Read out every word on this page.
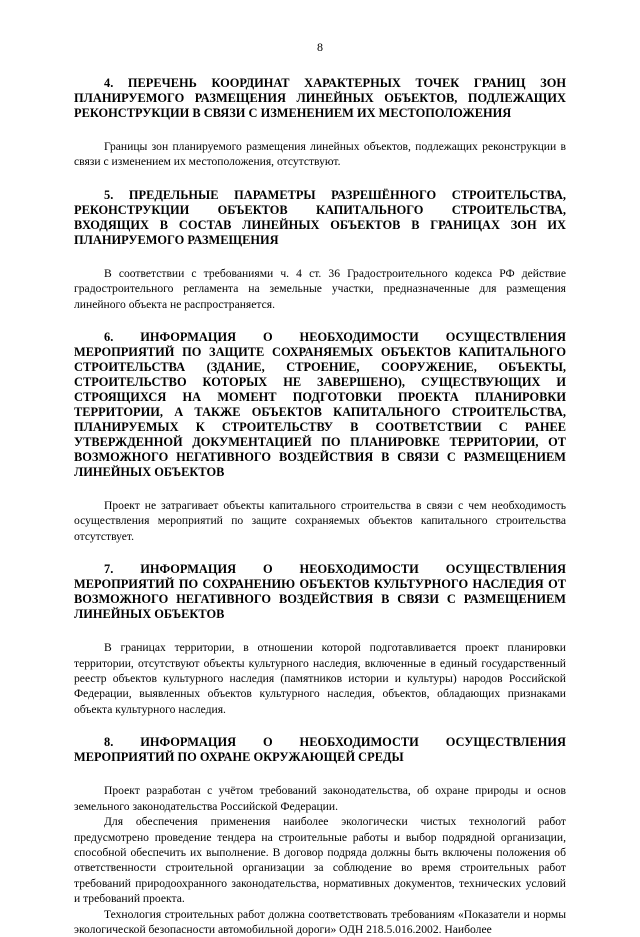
8

4. ПЕРЕЧЕНЬ КООРДИНАТ ХАРАКТЕРНЫХ ТОЧЕК ГРАНИЦ ЗОН ПЛАНИРУЕМОГО РАЗМЕЩЕНИЯ ЛИНЕЙНЫХ ОБЪЕКТОВ, ПОДЛЕЖАЩИХ РЕКОНСТРУКЦИИ В СВЯЗИ С ИЗМЕНЕНИЕМ ИХ МЕСТОПОЛОЖЕНИЯ

Границы зон планируемого размещения линейных объектов, подлежащих реконструкции в связи с изменением их местоположения, отсутствуют.

5. ПРЕДЕЛЬНЫЕ ПАРАМЕТРЫ РАЗРЕШЁННОГО СТРОИТЕЛЬСТВА, РЕКОНСТРУКЦИИ ОБЪЕКТОВ КАПИТАЛЬНОГО СТРОИТЕЛЬСТВА, ВХОДЯЩИХ В СОСТАВ ЛИНЕЙНЫХ ОБЪЕКТОВ В ГРАНИЦАХ ЗОН ИХ ПЛАНИРУЕМОГО РАЗМЕЩЕНИЯ

В соответствии с требованиями ч. 4 ст. 36 Градостроительного кодекса РФ действие градостроительного регламента на земельные участки, предназначенные для размещения линейного объекта не распространяется.

6. ИНФОРМАЦИЯ О НЕОБХОДИМОСТИ ОСУЩЕСТВЛЕНИЯ МЕРОПРИЯТИЙ ПО ЗАЩИТЕ СОХРАНЯЕМЫХ ОБЪЕКТОВ КАПИТАЛЬНОГО СТРОИТЕЛЬСТВА (ЗДАНИЕ, СТРОЕНИЕ, СООРУЖЕНИЕ, ОБЪЕКТЫ, СТРОИТЕЛЬСТВО КОТОРЫХ НЕ ЗАВЕРШЕНО), СУЩЕСТВУЮЩИХ И СТРОЯЩИХСЯ НА МОМЕНТ ПОДГОТОВКИ ПРОЕКТА ПЛАНИРОВКИ ТЕРРИТОРИИ, А ТАКЖЕ ОБЪЕКТОВ КАПИТАЛЬНОГО СТРОИТЕЛЬСТВА, ПЛАНИРУЕМЫХ К СТРОИТЕЛЬСТВУ В СООТВЕТСТВИИ С РАНЕЕ УТВЕРЖДЕННОЙ ДОКУМЕНТАЦИЕЙ ПО ПЛАНИРОВКЕ ТЕРРИТОРИИ, ОТ ВОЗМОЖНОГО НЕГАТИВНОГО ВОЗДЕЙСТВИЯ В СВЯЗИ С РАЗМЕЩЕНИЕМ ЛИНЕЙНЫХ ОБЪЕКТОВ

Проект не затрагивает объекты капитального строительства в связи с чем необходимость осуществления мероприятий по защите сохраняемых объектов капитального строительства отсутствует.

7. ИНФОРМАЦИЯ О НЕОБХОДИМОСТИ ОСУЩЕСТВЛЕНИЯ МЕРОПРИЯТИЙ ПО СОХРАНЕНИЮ ОБЪЕКТОВ КУЛЬТУРНОГО НАСЛЕДИЯ ОТ ВОЗМОЖНОГО НЕГАТИВНОГО ВОЗДЕЙСТВИЯ В СВЯЗИ С РАЗМЕЩЕНИЕМ ЛИНЕЙНЫХ ОБЪЕКТОВ

В границах территории, в отношении которой подготавливается проект планировки территории, отсутствуют объекты культурного наследия, включенные в единый государственный реестр объектов культурного наследия (памятников истории и культуры) народов Российской Федерации, выявленных объектов культурного наследия, объектов, обладающих признаками объекта культурного наследия.

8. ИНФОРМАЦИЯ О НЕОБХОДИМОСТИ ОСУЩЕСТВЛЕНИЯ МЕРОПРИЯТИЙ ПО ОХРАНЕ ОКРУЖАЮЩЕЙ СРЕДЫ

Проект разработан с учётом требований законодательства, об охране природы и основ земельного законодательства Российской Федерации.

Для обеспечения применения наиболее экологически чистых технологий работ предусмотрено проведение тендера на строительные работы и выбор подрядной организации, способной обеспечить их выполнение. В договор подряда должны быть включены положения об ответственности строительной организации за соблюдение во время строительных работ требований природоохранного законодательства, нормативных документов, технических условий и требований проекта.

Технология строительных работ должна соответствовать требованиям «Показатели и нормы экологической безопасности автомобильной дороги» ОДН 218.5.016.2002. Наиболее
